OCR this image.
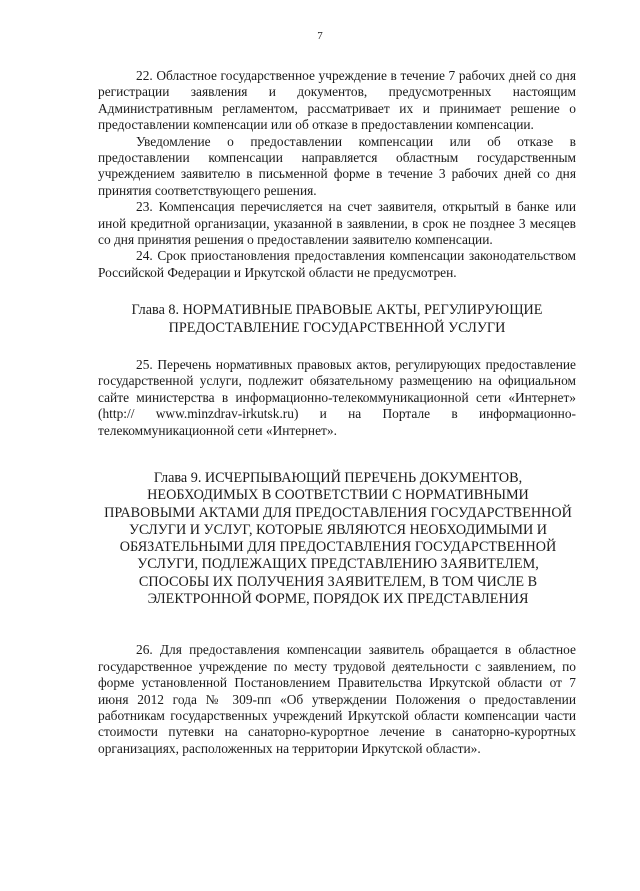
7

22. Областное государственное учреждение в течение 7 рабочих дней со дня регистрации заявления и документов, предусмотренных настоящим Административным регламентом, рассматривает их и принимает решение о предоставлении компенсации или об отказе в предоставлении компенсации.

Уведомление о предоставлении компенсации или об отказе в предоставлении компенсации направляется областным государственным учреждением заявителю в письменной форме в течение 3 рабочих дней со дня принятия соответствующего решения.

23. Компенсация перечисляется на счет заявителя, открытый в банке или иной кредитной организации, указанной в заявлении, в срок не позднее 3 месяцев со дня принятия решения о предоставлении заявителю компенсации.

24. Срок приостановления предоставления компенсации законодательством Российской Федерации и Иркутской области не предусмотрен.

Глава 8. НОРМАТИВНЫЕ ПРАВОВЫЕ АКТЫ, РЕГУЛИРУЮЩИЕ ПРЕДОСТАВЛЕНИЕ ГОСУДАРСТВЕННОЙ УСЛУГИ

25. Перечень нормативных правовых актов, регулирующих предоставление государственной услуги, подлежит обязательному размещению на официальном сайте министерства в информационно-телекоммуникационной сети «Интернет» (http:// www.minzdrav-irkutsk.ru) и на Портале в информационно-телекоммуникационной сети «Интернет».

Глава 9. ИСЧЕРПЫВАЮЩИЙ ПЕРЕЧЕНЬ ДОКУМЕНТОВ, НЕОБХОДИМЫХ В СООТВЕТСТВИИ С НОРМАТИВНЫМИ ПРАВОВЫМИ АКТАМИ ДЛЯ ПРЕДОСТАВЛЕНИЯ ГОСУДАРСТВЕННОЙ УСЛУГИ И УСЛУГ, КОТОРЫЕ ЯВЛЯЮТСЯ НЕОБХОДИМЫМИ И ОБЯЗАТЕЛЬНЫМИ ДЛЯ ПРЕДОСТАВЛЕНИЯ ГОСУДАРСТВЕННОЙ УСЛУГИ, ПОДЛЕЖАЩИХ ПРЕДСТАВЛЕНИЮ ЗАЯВИТЕЛЕМ, СПОСОБЫ ИХ ПОЛУЧЕНИЯ ЗАЯВИТЕЛЕМ, В ТОМ ЧИСЛЕ В ЭЛЕКТРОННОЙ ФОРМЕ, ПОРЯДОК ИХ ПРЕДСТАВЛЕНИЯ

26. Для предоставления компенсации заявитель обращается в областное государственное учреждение по месту трудовой деятельности с заявлением, по форме установленной Постановлением Правительства Иркутской области от 7 июня 2012 года № 309-пп «Об утверждении Положения о предоставлении работникам государственных учреждений Иркутской области компенсации части стоимости путевки на санаторно-курортное лечение в санаторно-курортных организациях, расположенных на территории Иркутской области».
